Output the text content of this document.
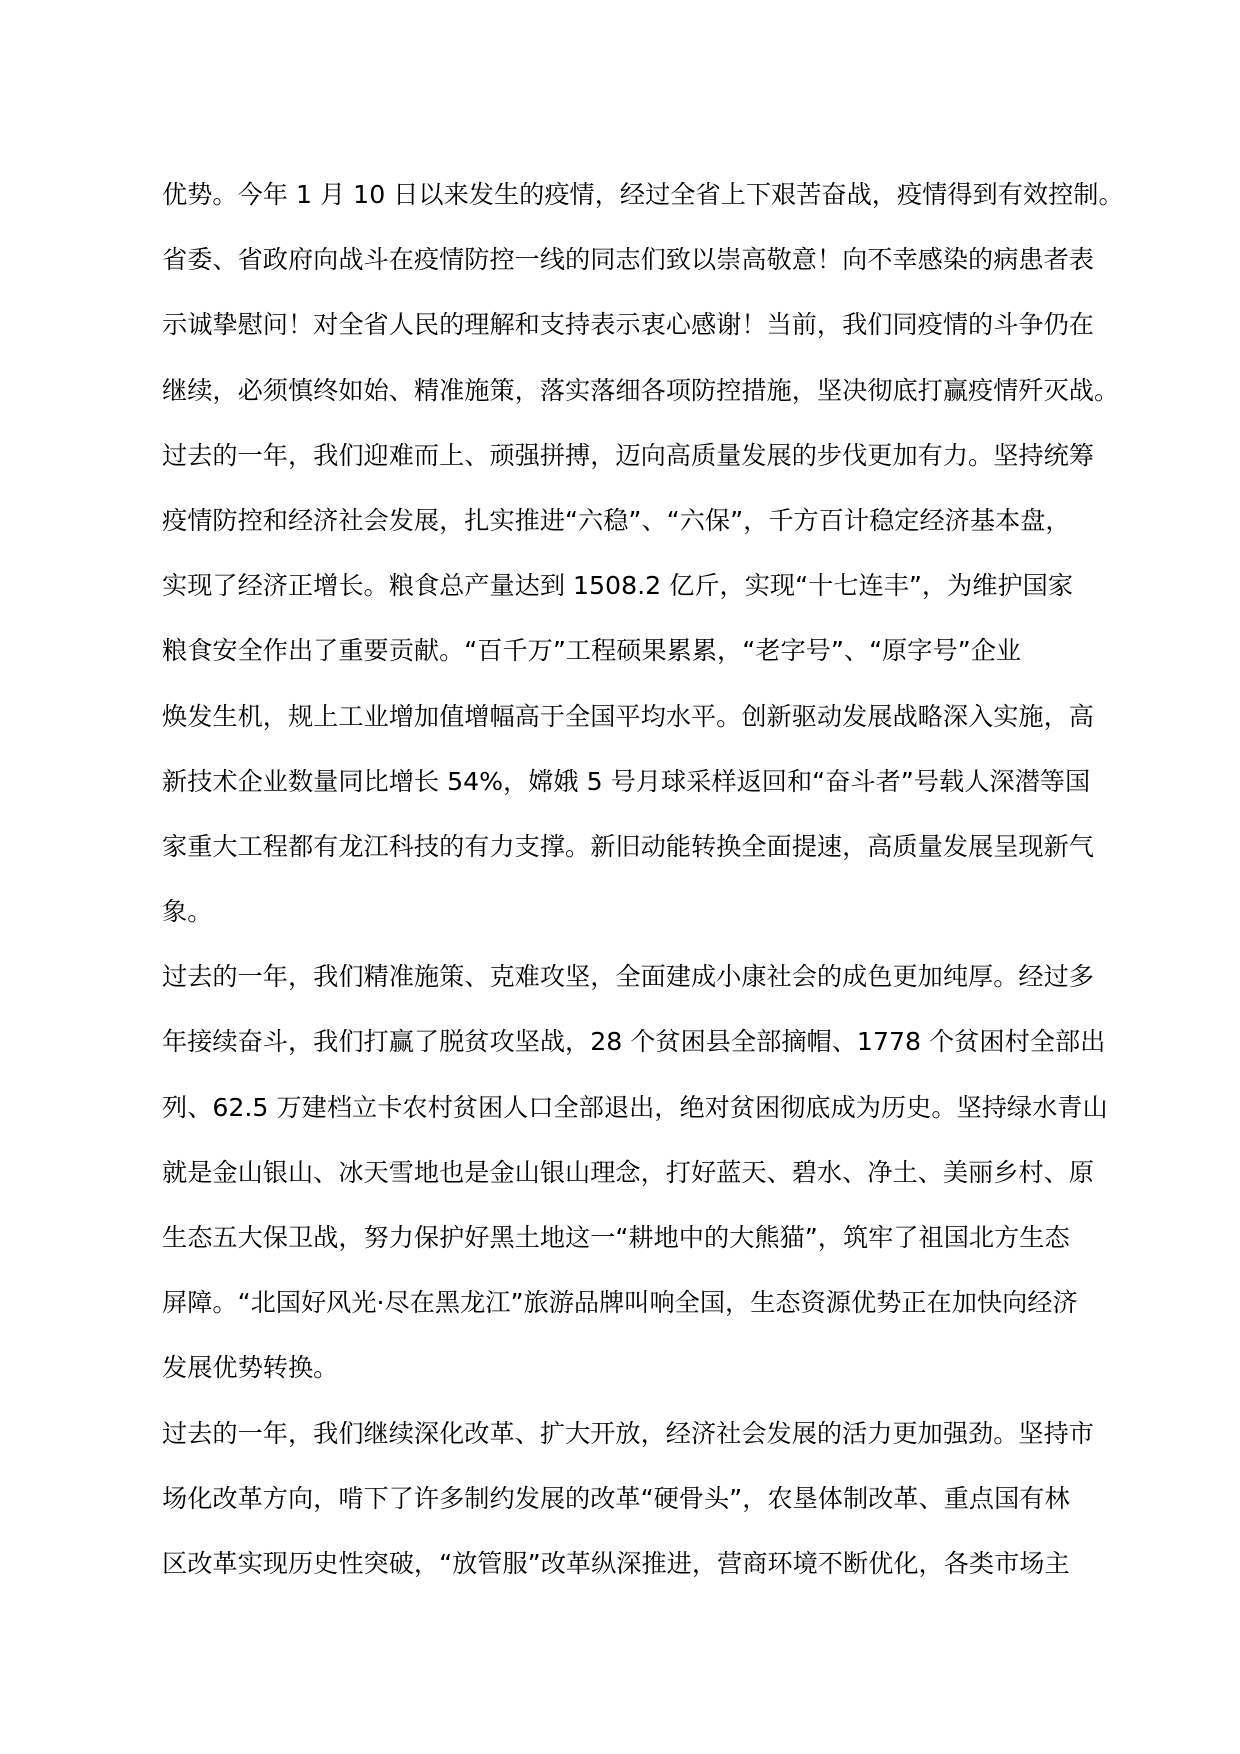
优势。今年 1 月 10 日以来发生的疫情，经过全省上下艰苦奋战，疫情得到有效控制。
省委、省政府向战斗在疫情防控一线的同志们致以崇高敬意！向不幸感染的病患者表
示诚挚慰问！对全省人民的理解和支持表示衷心感谢！当前，我们同疫情的斗争仍在
继续，必须慎终如始、精准施策，落实落细各项防控措施，坚决彻底打赢疫情歼灭战。
过去的一年，我们迎难而上、顽强拼搏，迈向高质量发展的步伐更加有力。坚持统筹
疫情防控和经济社会发展，扎实推进“六稳”、“六保”，千方百计稳定经济基本盘，
实现了经济正增长。粮食总产量达到 1508.2 亿斤，实现“十七连丰”，为维护国家
粮食安全作出了重要贡献。“百千万”工程硕果累累，“老字号”、“原字号”企业
焕发生机，规上工业增加值增幅高于全国平均水平。创新驱动发展战略深入实施，高
新技术企业数量同比增长 54%，嫦娥 5 号月球采样返回和“奋斗者”号载人深潜等国
家重大工程都有龙江科技的有力支撑。新旧动能转换全面提速，高质量发展呈现新气
象。
过去的一年，我们精准施策、克难攻坚，全面建成小康社会的成色更加纯厚。经过多
年接续奋斗，我们打赢了脱贫攻坚战，28 个贫困县全部摘帽、1778 个贫困村全部出
列、62.5 万建档立卡农村贫困人口全部退出，绝对贫困彻底成为历史。坚持绿水青山
就是金山银山、冰天雪地也是金山银山理念，打好蓝天、碧水、净土、美丽乡村、原
生态五大保卫战，努力保护好黑土地这一“耕地中的大熊猫”，筑牢了祖国北方生态
屏障。“北国好风光·尽在黑龙江”旅游品牌叫响全国，生态资源优势正在加快向经济
发展优势转换。
过去的一年，我们继续深化改革、扩大开放，经济社会发展的活力更加强劲。坚持市
场化改革方向，啃下了许多制约发展的改革“硬骨头”，农垦体制改革、重点国有林
区改革实现历史性突破，“放管服”改革纵深推进，营商环境不断优化，各类市场主
